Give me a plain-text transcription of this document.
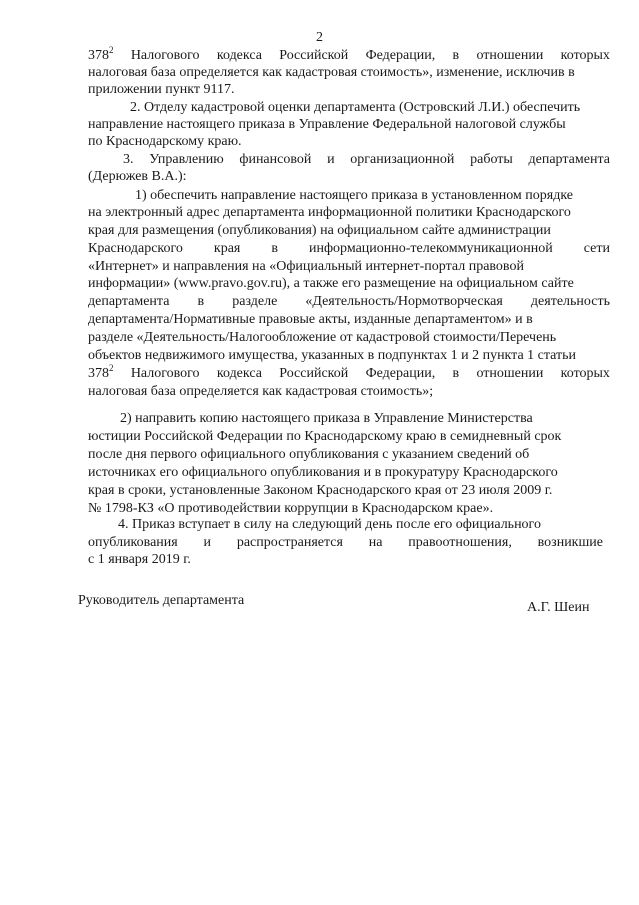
2
$378^2$ Налогового кодекса Российской Федерации, в отношении которых
налоговая база определяется как кадастровая стоимость», изменение, исключив в
приложении пункт 9117.
2. Отделу кадастровой оценки департамента (Островский Л.И.) обеспечить
направление настоящего приказа в Управление Федеральной налоговой службы
по Краснодарскому краю.
3. Управлению финансовой и организационной работы департамента
(Дерюжев В.А.):
1) обеспечить направление настоящего приказа в установленном порядке
на электронный адрес департамента информационной политики Краснодарского
края для размещения (опубликования) на официальном сайте администрации
Краснодарского края в информационно-телекоммуникационной сети
«Интернет» и направления на «Официальный интернет-портал правовой
информации» (www.pravo.gov.ru), а также его размещение на официальном сайте
департамента в разделе «Деятельность/Нормотворческая деятельность
департамента/Нормативные правовые акты, изданные департаментом» и в
разделе «Деятельность/Налогообложение от кадастровой стоимости/Перечень
объектов недвижимого имущества, указанных в подпунктах 1 и 2 пункта 1 статьи
$378^2$ Налогового кодекса Российской Федерации, в отношении которых
налоговая база определяется как кадастровая стоимость»;
2) направить копию настоящего приказа в Управление Министерства
юстиции Российской Федерации по Краснодарскому краю в семидневный срок
после дня первого официального опубликования с указанием сведений об
источниках его официального опубликования и в прокуратуру Краснодарского
края в сроки, установленные Законом Краснодарского края от 23 июля 2009 г.
№ 1798-КЗ «О противодействии коррупции в Краснодарском крае».
4. Приказ вступает в силу на следующий день после его официального
опубликования и распространяется на правоотношения, возникшие
с 1 января 2019 г.
Руководитель департамента	А.Г. Шеин
